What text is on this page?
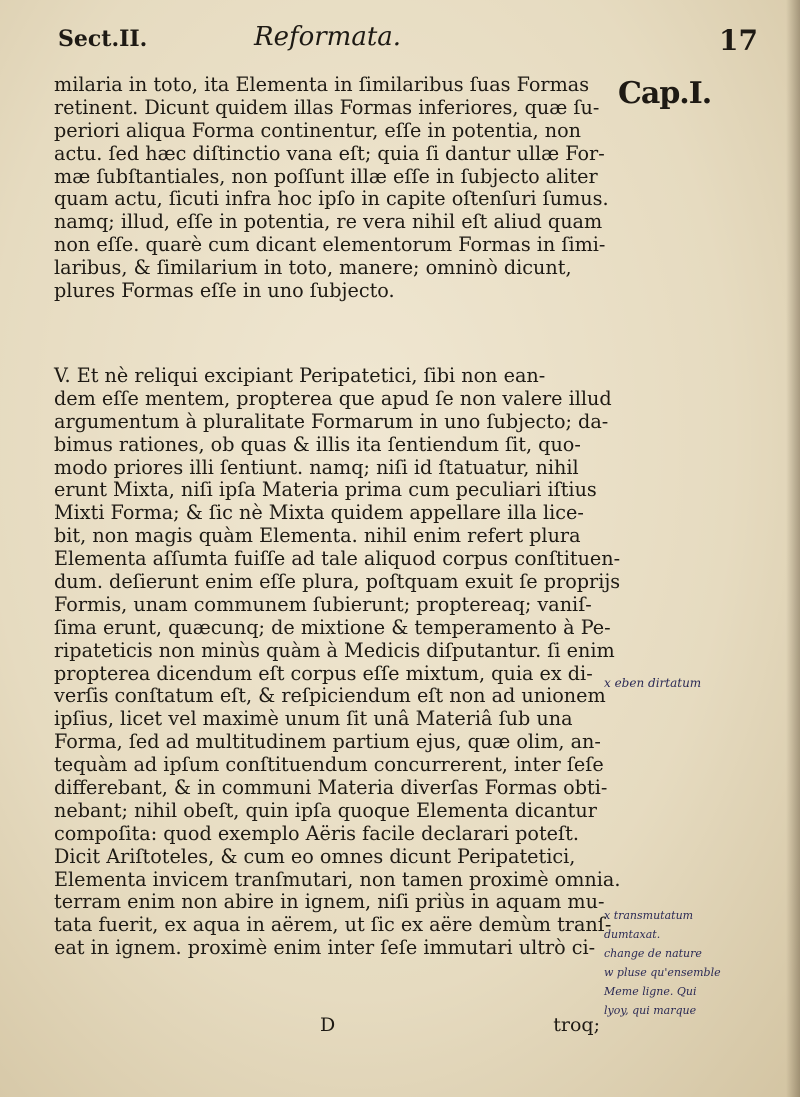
Sect.II.	Reformata.	17
Cap.I.
milaria in toto, ita Elementa in ſimilaribus ſuas Formas
retinent. Dicunt quidem illas Formas inferiores, quæ ſu-
periori aliqua Forma continentur, eſſe in potentia, non
actu. ſed hæc diſtinctio vana eſt; quia ſi dantur ullæ For-
mæ ſubſtantiales, non poſſunt illæ eſſe in ſubjecto aliter
quam actu, ſicuti infra hoc ipſo in capite oſtenſuri ſumus.
namq; illud, eſſe in potentia, re vera nihil eſt aliud quam
non eſſe. quarè cum dicant elementorum Formas in ſimi-
laribus, & ſimilarium in toto, manere; omninò dicunt,
plures Formas eſſe in uno ſubjecto.
V. Et nè reliqui excipiant Peripatetici, ſibi non ean-
dem eſſe mentem, propterea que apud ſe non valere illud
argumentum à pluralitate Formarum in uno ſubjecto; da-
bimus rationes, ob quas & illis ita ſentiendum ſit, quo-
modo priores illi ſentiunt. namq; niſi id ſtatuatur, nihil
erunt Mixta, niſi ipſa Materia prima cum peculiari iſtius
Mixti Forma; & ſic nè Mixta quidem appellare illa lice-
bit, non magis quàm Elementa. nihil enim refert plura
Elementa aſſumta fuiſſe ad tale aliquod corpus conſtituen-
dum. deſierunt enim eſſe plura, poſtquam exuit ſe proprijs
Formis, unam communem ſubierunt; proptereaq; vaniſ-
ſima erunt, quæcunq; de mixtione & temperamento à Pe-
ripateticis non minùs quàm à Medicis diſputantur. ſi enim
propterea dicendum eſt corpus eſſe mixtum, quia ex di-
verſis conſtatum eſt, & reſpiciendum eſt non ad unionem
ipſius, licet vel maximè unum ſit unâ Materiâ ſub una
Forma, ſed ad multitudinem partium ejus, quæ olim, an-
tequàm ad ipſum conſtituendum concurrerent, inter ſeſe
differebant, & in communi Materia diverſas Formas obti-
nebant; nihil obeſt, quin ipſa quoque Elementa dicantur
compoſita: quod exemplo Aëris facile declarari poteſt.
Dicit Ariſtoteles, & cum eo omnes dicunt Peripatetici,
Elementa invicem tranſmutari, non tamen proximè omnia.
terram enim non abire in ignem, niſi priùs in aquam mu-
tata fuerit, ex aqua in aërem, ut ſic ex aëre demùm tranſ-
eat in ignem. proximè enim inter ſeſe immutari ultrò ci-
D	troq;
x eben dirtatum
x transmutatum
dumtaxat.
change de nature
w pluse qu'ensemble
Meme ligne. Qui
lyoy, qui marque
